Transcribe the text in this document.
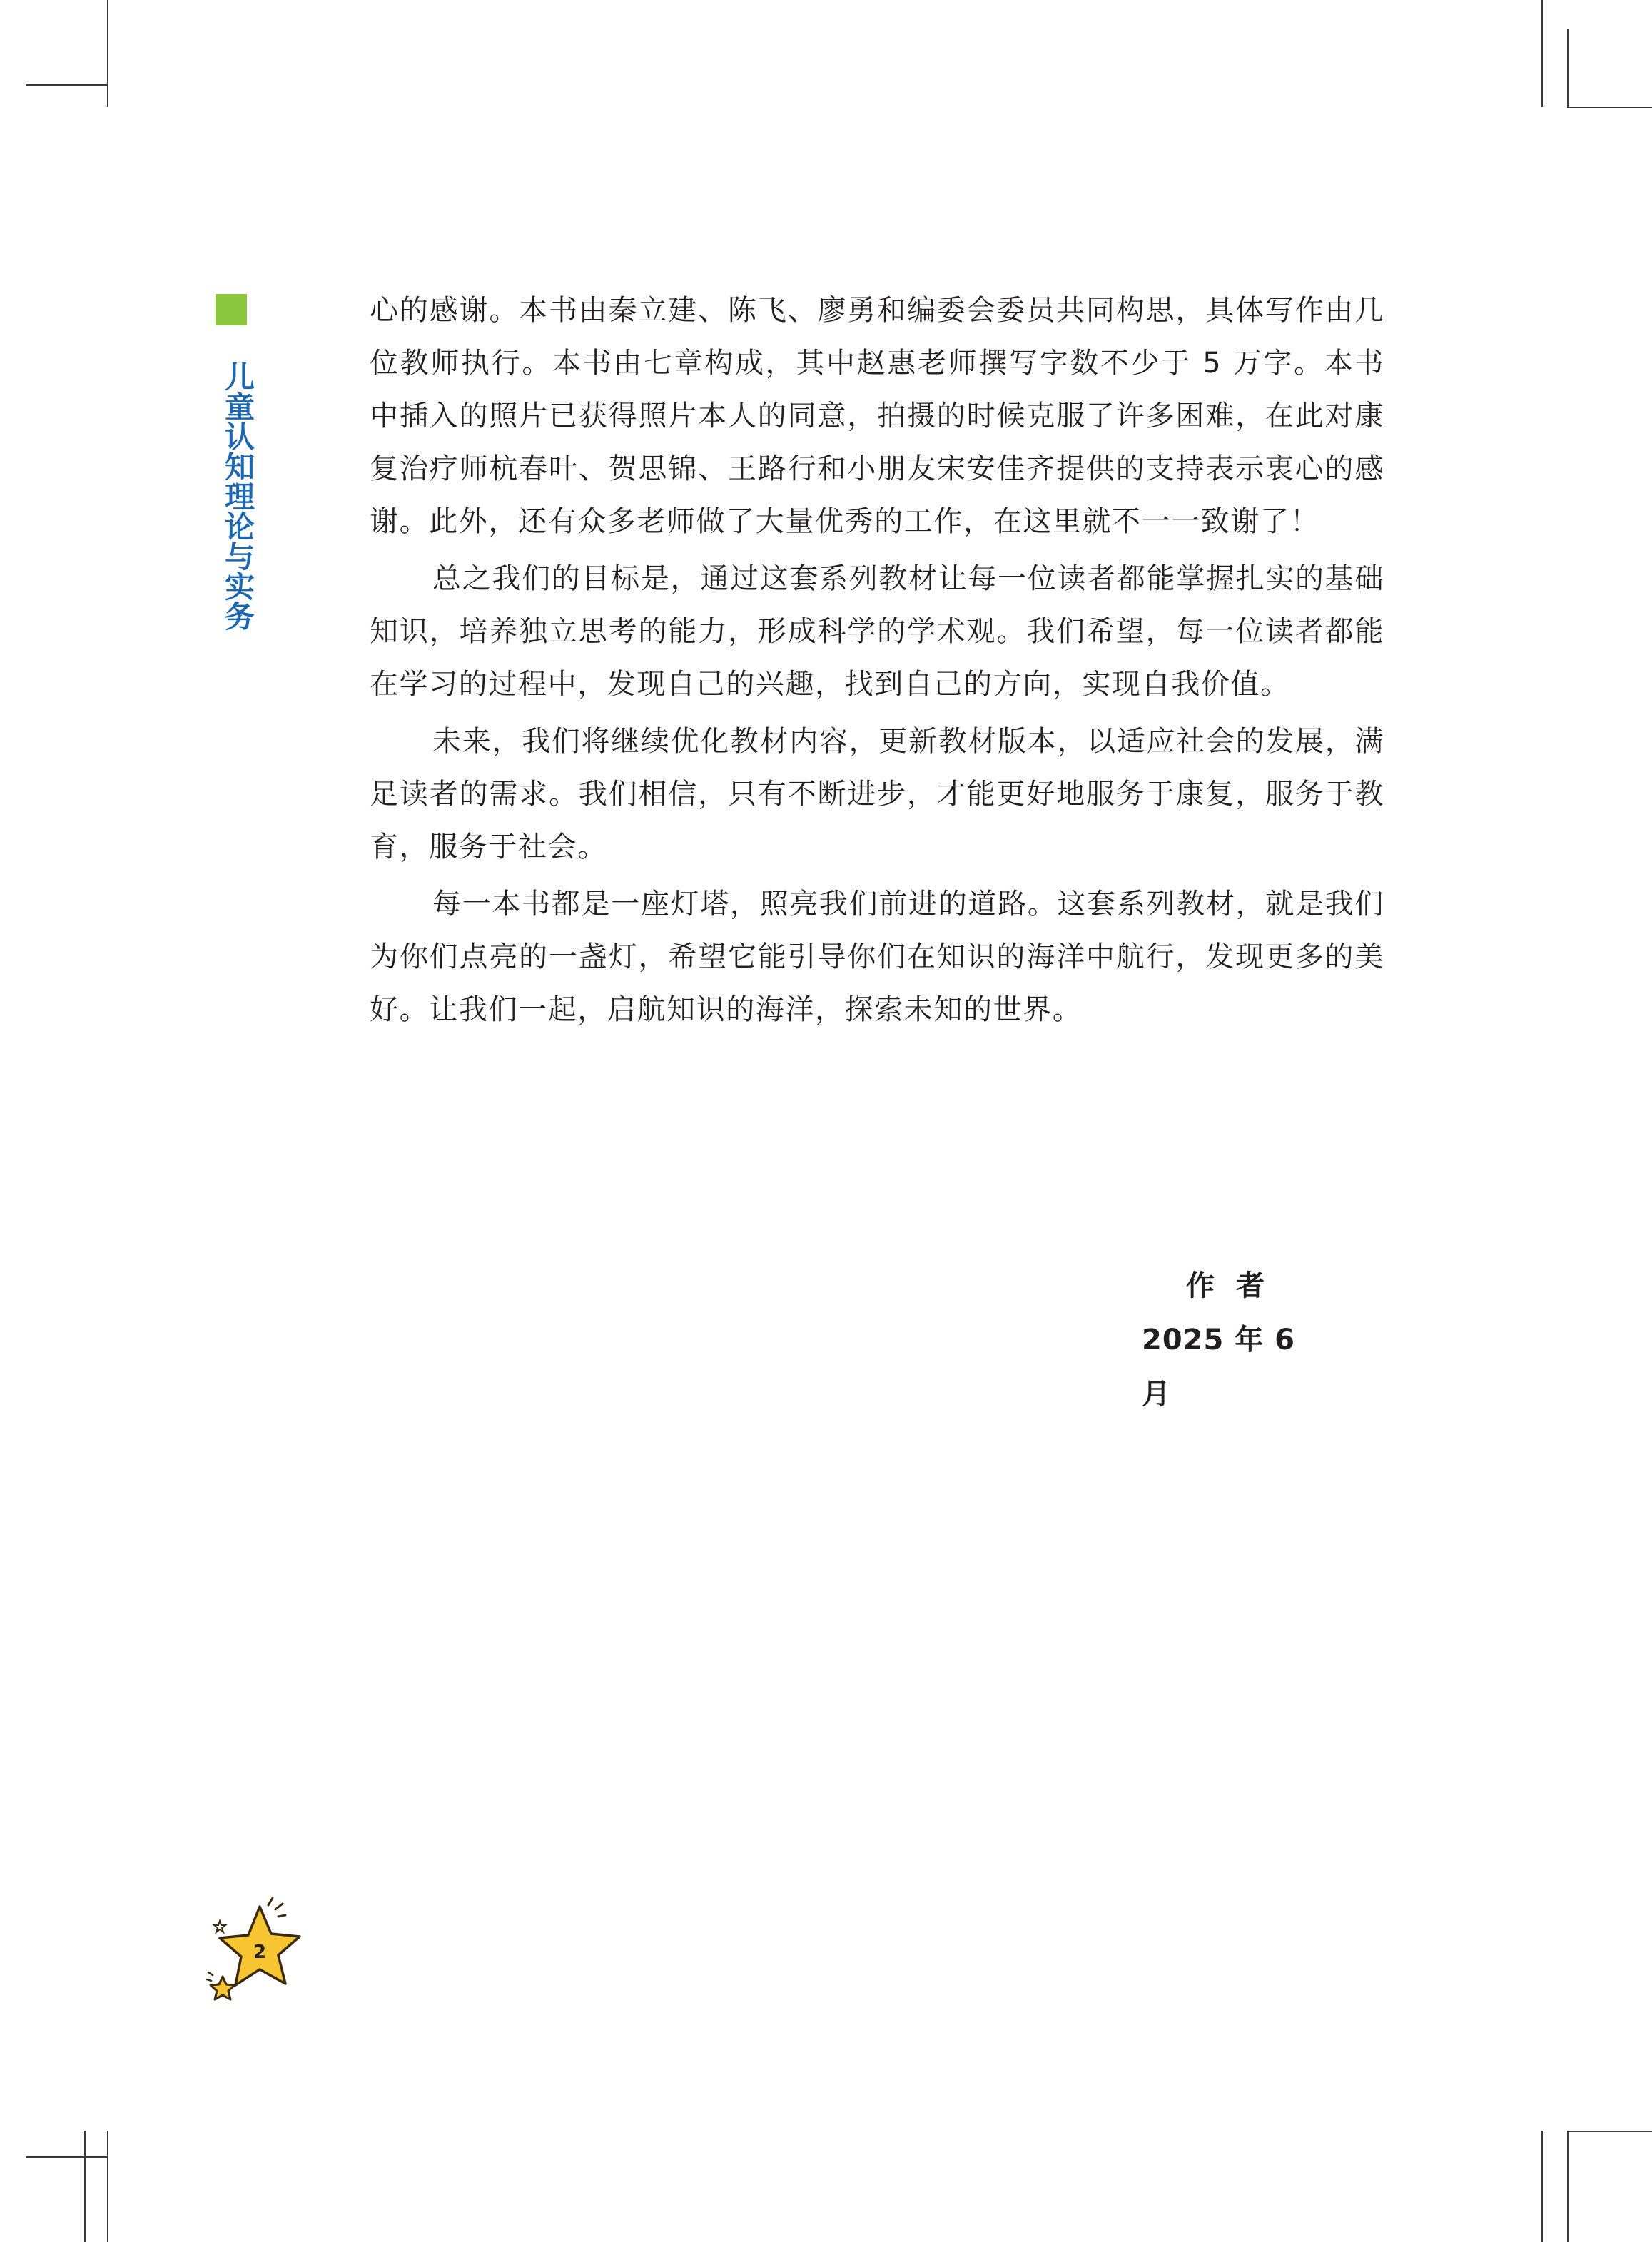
儿童认知理论与实务

心的感谢。本书由秦立建、陈飞、廖勇和编委会委员共同构思，具体写作由几位教师执行。本书由七章构成，其中赵惠老师撰写字数不少于 5 万字。本书中插入的照片已获得照片本人的同意，拍摄的时候克服了许多困难，在此对康复治疗师杭春叶、贺思锦、王路行和小朋友宋安佳齐提供的支持表示衷心的感谢。此外，还有众多老师做了大量优秀的工作，在这里就不一一致谢了！

总之我们的目标是，通过这套系列教材让每一位读者都能掌握扎实的基础知识，培养独立思考的能力，形成科学的学术观。我们希望，每一位读者都能在学习的过程中，发现自己的兴趣，找到自己的方向，实现自我价值。

未来，我们将继续优化教材内容，更新教材版本，以适应社会的发展，满足读者的需求。我们相信，只有不断进步，才能更好地服务于康复，服务于教育，服务于社会。

每一本书都是一座灯塔，照亮我们前进的道路。这套系列教材，就是我们为你们点亮的一盏灯，希望它能引导你们在知识的海洋中航行，发现更多的美好。让我们一起，启航知识的海洋，探索未知的世界。

作者
2025 年 6 月
2
